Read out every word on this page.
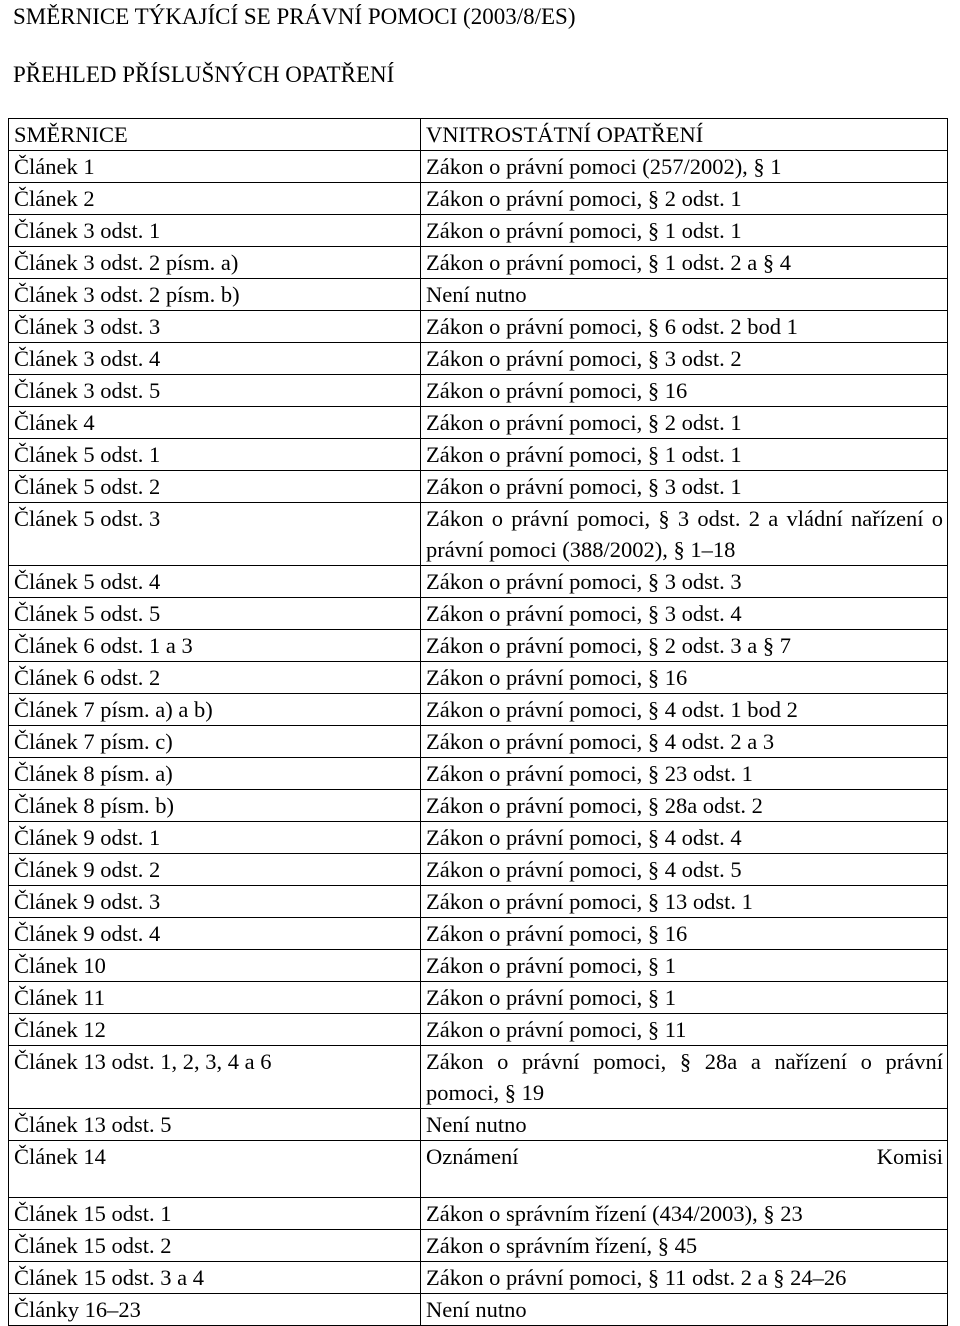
SMĚRNICE TÝKAJÍCÍ SE PRÁVNÍ POMOCI (2003/8/ES)
PŘEHLED PŘÍSLUŠNÝCH OPATŘENÍ
SMĚRNICE	VNITROSTÁTNÍ OPATŘENÍ
Článek 1	Zákon o právní pomoci (257/2002), § 1
Článek 2	Zákon o právní pomoci, § 2 odst. 1
Článek 3 odst. 1	Zákon o právní pomoci, § 1 odst. 1
Článek 3 odst. 2 písm. a)	Zákon o právní pomoci, § 1 odst. 2 a § 4
Článek 3 odst. 2 písm. b)	Není nutno
Článek 3 odst. 3	Zákon o právní pomoci, § 6 odst. 2 bod 1
Článek 3 odst. 4	Zákon o právní pomoci, § 3 odst. 2
Článek 3 odst. 5	Zákon o právní pomoci, § 16
Článek 4	Zákon o právní pomoci, § 2 odst. 1
Článek 5 odst. 1	Zákon o právní pomoci, § 1 odst. 1
Článek 5 odst. 2	Zákon o právní pomoci, § 3 odst. 1
Článek 5 odst. 3	Zákon o právní pomoci, § 3 odst. 2 a vládní nařízení o právní pomoci (388/2002), § 1–18
Článek 5 odst. 4	Zákon o právní pomoci, § 3 odst. 3
Článek 5 odst. 5	Zákon o právní pomoci, § 3 odst. 4
Článek 6 odst. 1 a 3	Zákon o právní pomoci, § 2 odst. 3 a § 7
Článek 6 odst. 2	Zákon o právní pomoci, § 16
Článek 7 písm. a) a b)	Zákon o právní pomoci, § 4 odst. 1 bod 2
Článek 7 písm. c)	Zákon o právní pomoci, § 4 odst. 2 a 3
Článek 8 písm. a)	Zákon o právní pomoci, § 23 odst. 1
Článek 8 písm. b)	Zákon o právní pomoci, § 28a odst. 2
Článek 9 odst. 1	Zákon o právní pomoci, § 4 odst. 4
Článek 9 odst. 2	Zákon o právní pomoci, § 4 odst. 5
Článek 9 odst. 3	Zákon o právní pomoci, § 13 odst. 1
Článek 9 odst. 4	Zákon o právní pomoci, § 16
Článek 10	Zákon o právní pomoci, § 1
Článek 11	Zákon o právní pomoci, § 1
Článek 12	Zákon o právní pomoci, § 11
Článek 13 odst. 1, 2, 3, 4 a 6	Zákon o právní pomoci, § 28a a nařízení o právní pomoci, § 19
Článek 13 odst. 5	Není nutno
Článek 14	Oznámení Komisi

Článek 15 odst. 1	Zákon o správním řízení (434/2003), § 23
Článek 15 odst. 2	Zákon o správním řízení, § 45
Článek 15 odst. 3 a 4	Zákon o právní pomoci, § 11 odst. 2 a § 24–26
Články 16–23	Není nutno
